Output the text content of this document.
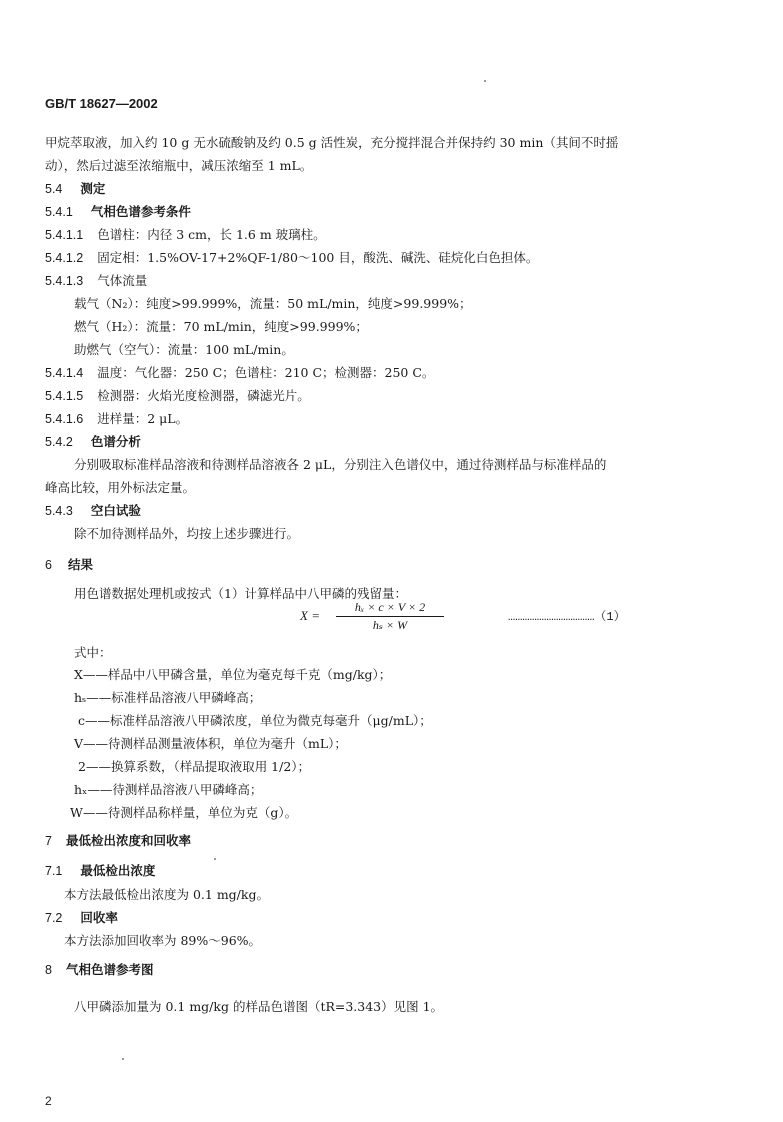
GB/T 18627—2002
甲烷萃取液，加入约 10 g 无水硫酸钠及约 0.5 g 活性炭，充分搅拌混合并保持约 30 min（其间不时摇
动），然后过滤至浓缩瓶中，减压浓缩至 1 mL。
5.4 测定
5.4.1 气相色谱参考条件
5.4.1.1 色谱柱：内径 3 cm，长 1.6 m 玻璃柱。
5.4.1.2 固定相：1.5%OV-17+2%QF-1/80～100 目，酸洗、碱洗、硅烷化白色担体。
5.4.1.3 气体流量
载气（N₂）：纯度>99.999%，流量：50 mL/min，纯度>99.999%；
燃气（H₂）：流量：70 mL/min，纯度>99.999%；
助燃气（空气）：流量：100 mL/min。
5.4.1.4 温度：气化器：250 C；色谱柱：210 C；检测器：250 C。
5.4.1.5 检测器：火焰光度检测器，磷滤光片。
5.4.1.6 进样量：2 μL。
5.4.2 色谱分析
分别吸取标准样品溶液和待测样品溶液各 2 μL，分别注入色谱仪中，通过待测样品与标准样品的
峰高比较，用外标法定量。
5.4.3 空白试验
除不加待测样品外，均按上述步骤进行。
6 结果
用色谱数据处理机或按式（1）计算样品中八甲磷的残留量：
X =
hₓ × c × V × 2
hₛ × W
………………………………（1）
式中：
X——样品中八甲磷含量，单位为毫克每千克（mg/kg）；
hₛ——标准样品溶液八甲磷峰高；
c——标准样品溶液八甲磷浓度，单位为微克每毫升（μg/mL）；
V——待测样品测量液体积，单位为毫升（mL）；
2——换算系数，（样品提取液取用 1/2）；
hₓ——待测样品溶液八甲磷峰高；
W——待测样品称样量，单位为克（g）。
7 最低检出浓度和回收率
7.1 最低检出浓度
本方法最低检出浓度为 0.1 mg/kg。
7.2 回收率
本方法添加回收率为 89%～96%。
8 气相色谱参考图
八甲磷添加量为 0.1 mg/kg 的样品色谱图（tR=3.343）见图 1。
2
